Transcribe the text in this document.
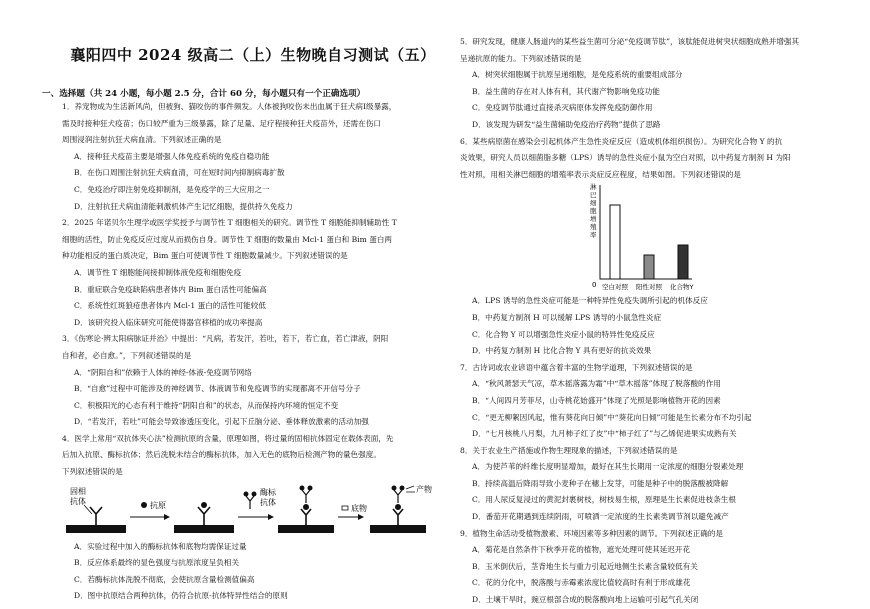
襄阳四中 2024 级高二（上）生物晚自习测试（五）
一、选择题（共 24 小题，每小题 2.5 分，合计 60 分，每小题只有一个正确选项）

1．养宠物成为生活新风尚，但被狗、猫咬伤的事件频发。人体被狗咬伤未出血属于狂犬病Ⅰ级暴露，

需及时接种狂犬疫苗；伤口较严重为三级暴露，除了足量、足疗程接种狂犬疫苗外，还需在伤口

周围浸润注射抗狂犬病血清。下列叙述正确的是

A．接种狂犬疫苗主要是增强人体免疫系统的免疫自稳功能

B．在伤口周围注射抗狂犬病血清，可在短时间内抑制病毒扩散

C．免疫治疗即注射免疫抑制剂，是免疫学的三大应用之一

D．注射抗狂犬病血清能刺激机体产生记忆细胞，提供持久免疫力

2．2025 年诺贝尔生理学或医学奖授予与调节性 T 细胞相关的研究。调节性 T 细胞能抑制辅助性 T

细胞的活性，防止免疫反应过度从而损伤自身。调节性 T 细胞的数量由 Mcl-1 蛋白和 Bim 蛋白两

种功能相反的蛋白质决定，Bim 蛋白可使调节性 T 细胞数量减少。下列叙述错误的是

A．调节性 T 细胞能间接抑制体液免疫和细胞免疫

B．重症联合免疫缺陷病患者体内 Bim 蛋白活性可能偏高

C．系统性红斑狼疮患者体内 Mcl-1 蛋白的活性可能较低

D．该研究投入临床研究可能使得器官移植的成功率提高

3．《伤寒论·辨太阳病脉证并治》中提出：“凡病，若发汗，若吐，若下，若亡血，若亡津液，阴阳

自和者，必自愈。”，下列叙述错误的是

A．“阴阳自和”依赖于人体的神经-体液-免疫调节网络

B．“自愈”过程中可能涉及的神经调节、体液调节和免疫调节的实现都离不开信号分子

C．积极阳光的心态有利于维持“阴阳自和”的状态，从而保持内环境的恒定不变

D．“若发汗，若吐”可能会导致渗透压变化，引起下丘脑分泌、垂体释放激素的活动加强

4．医学上常用“双抗体夹心法”检测抗原的含量，原理如图，将过量的固相抗体固定在载体表面，先

后加入抗原、酶标抗体；然后洗脱未结合的酶标抗体，加入无色的底物后检测产物的量色强度。

下列叙述错误的是

固相
抗体	抗原
酶标
抗体
底物
产物

A．实验过程中加入的酶标抗体和底物均需保证过量

B．反应体系最终的显色强度与抗原浓度呈负相关

C．若酶标抗体洗脱不彻底，会使抗原含量检测值偏高

D．图中抗原结合两种抗体，仍符合抗原-抗体特异性结合的原则

5．研究发现，健康人肠道内的某些益生菌可分泌“免疫调节肽”，该肽能促进树突状细胞成熟并增强其

呈递抗原的能力。下列叙述错误的是

A．树突状细胞属于抗原呈递细胞，是免疫系统的重要组成部分

B．益生菌的存在对人体有利，其代谢产物影响免疫功能

C．免疫调节肽通过直接杀灭病原体发挥免疫防御作用

D．该发现为研发“益生菌辅助免疫治疗药物”提供了思路

6．某些病原菌在感染会引起机体产生急性炎症反应（造成机体组织损伤）。为研究化合物 Y 的抗

炎效果，研究人员以细菌脂多糖（LPS）诱导的急性炎症小鼠为空白对照，以中药复方制剂 H 为阳

性对照，用相关淋巴细胞的增殖率表示炎症反应程度，结果如图。下列叙述错误的是

淋 巴 细 胞 增 殖 率
0 空白对照 阳性对照 化合物Y

A．LPS 诱导的急性炎症可能是一种特异性免疫失调所引起的机体反应

B．中药复方制剂 H 可以缓解 LPS 诱导的小鼠急性炎症

C．化合物 Y 可以增强急性炎症小鼠的特异性免疫反应

D．中药复方制剂 H 比化合物 Y 具有更好的抗炎效果

7．古诗词或农业谚语中蕴含着丰富的生物学道理，下列叙述错误的是

A．“秋风萧瑟天气凉，草木摇落露为霜”中“草木摇落”体现了脱落酸的作用

B．“人间四月芳菲尽，山寺桃花始盛开”体现了光照是影响植物开花的因素

C．“更无柳絮因风起，惟有葵花向日倾”中“葵花向日倾”可能是生长素分布不均引起

D．“七月核桃八月梨，九月柿子红了皮”中“柿子红了”与乙烯促进果实成熟有关

8．关于农业生产措施或作物生理现象的描述，下列叙述错误的是

A．为使芦苇的纤维长度明显增加，最好在其生长期用一定浓度的细胞分裂素处理

B．持续高温后降雨导致小麦种子在穗上发芽，可能是种子中的脱落酸被降解

C．用人尿反复浸过的黄泥封裹树枝，树枝易生根，原理是生长素促进枝条生根

D．番茄开花期遇到连续阴雨，可喷洒一定浓度的生长素类调节剂以避免减产

9．植物生命活动受植物激素、环境因素等多种因素的调节。下列叙述正确的是

A．菊花是自然条件下秋季开花的植物，遮光处理可使其延迟开花

B．玉米倒伏后，茎背地生长与重力引起近地侧生长素含量较低有关

C．花的分化中，脱落酸与赤霉素浓度比值较高时有利于形成雄花

D．土壤干旱时，豌豆根部合成的脱落酸向地上运输可引起气孔关闭
